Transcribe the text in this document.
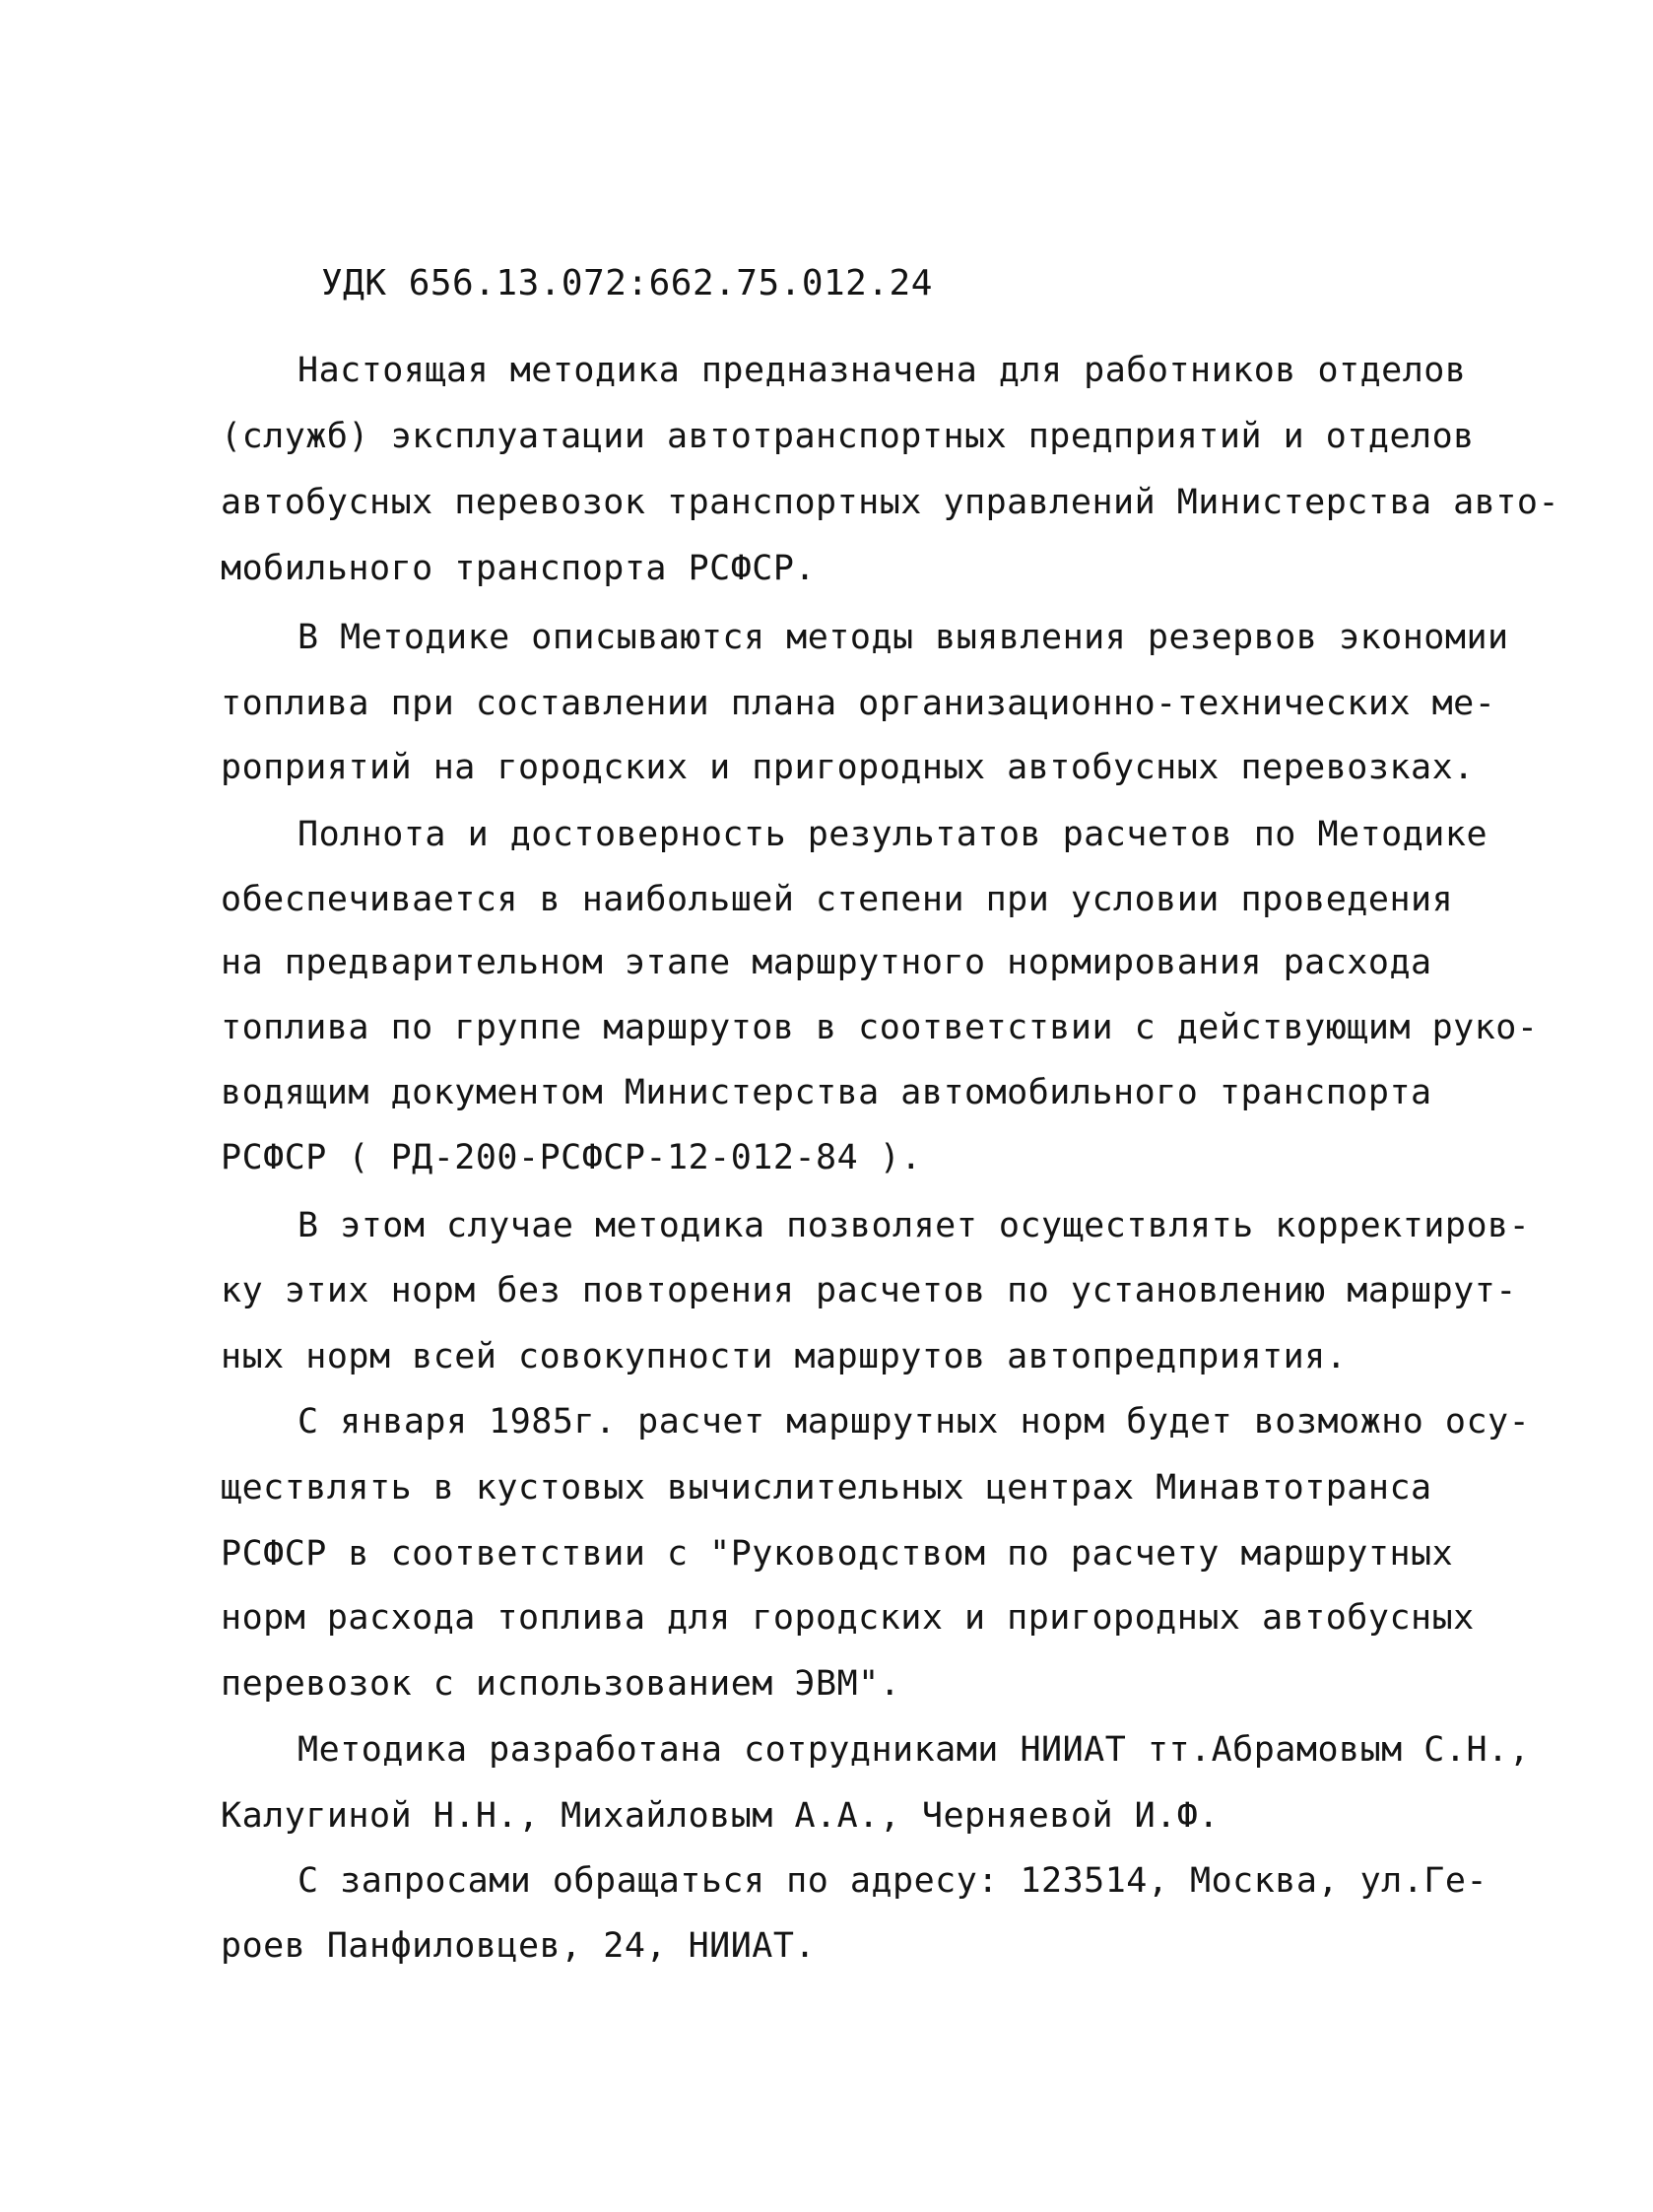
УДК 656.13.072:662.75.012.24
Настоящая методика предназначена для работников отделов
(служб) эксплуатации автотранспортных предприятий и отделов
автобусных перевозок транспортных управлений Министерства авто-
мобильного транспорта РСФСР.
В Методике описываются методы выявления резервов экономии
топлива при составлении плана организационно-технических ме-
роприятий на городских и пригородных автобусных перевозках.
Полнота и достоверность результатов расчетов по Методике
обеспечивается в наибольшей степени при условии проведения
на предварительном этапе маршрутного нормирования расхода
топлива по группе маршрутов в соответствии с действующим руко-
водящим документом Министерства автомобильного транспорта
РСФСР ( РД-200-РСФСР-12-012-84 ).
В этом случае методика позволяет осуществлять корректиров-
ку этих норм без повторения расчетов по установлению маршрут-
ных норм всей совокупности маршрутов автопредприятия.
С января 1985г. расчет маршрутных норм будет возможно осу-
ществлять в кустовых вычислительных центрах Минавтотранса
РСФСР в соответствии с "Руководством по расчету маршрутных
норм расхода топлива для городских и пригородных автобусных
перевозок с использованием ЭВМ".
Методика разработана сотрудниками НИИАТ тт.Абрамовым С.Н.,
Калугиной Н.Н., Михайловым А.А., Черняевой И.Ф.
С запросами обращаться по адресу: 123514, Москва, ул.Ге-
роев Панфиловцев, 24, НИИАТ.
